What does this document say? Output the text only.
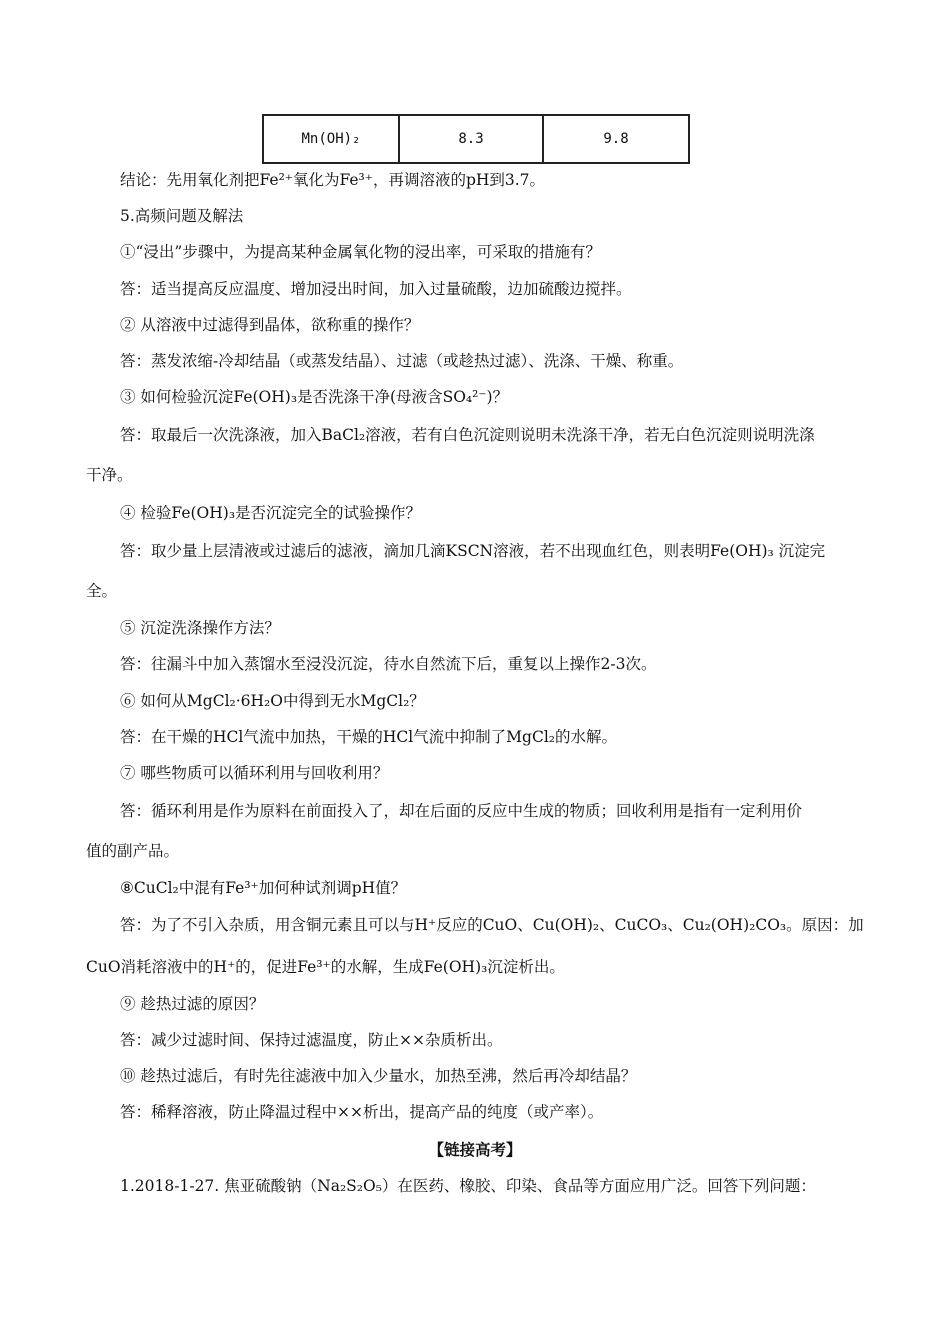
Mn(OH)₂	8.3	9.8
结论：先用氧化剂把Fe²⁺氧化为Fe³⁺，再调溶液的pH到3.7。
5.高频问题及解法
①“浸出”步骤中，为提高某种金属氧化物的浸出率，可采取的措施有？
答：适当提高反应温度、增加浸出时间，加入过量硫酸，边加硫酸边搅拌。
② 从溶液中过滤得到晶体，欲称重的操作？
答：蒸发浓缩-冷却结晶（或蒸发结晶）、过滤（或趁热过滤）、洗涤、干燥、称重。
③ 如何检验沉淀Fe(OH)₃是否洗涤干净(母液含SO₄²⁻)？
答：取最后一次洗涤液，加入BaCl₂溶液，若有白色沉淀则说明未洗涤干净，若无白色沉淀则说明洗涤
干净。
④ 检验Fe(OH)₃是否沉淀完全的试验操作？
答：取少量上层清液或过滤后的滤液，滴加几滴KSCN溶液，若不出现血红色，则表明Fe(OH)₃ 沉淀完
全。
⑤ 沉淀洗涤操作方法？
答：往漏斗中加入蒸馏水至浸没沉淀，待水自然流下后，重复以上操作2-3次。
⑥ 如何从MgCl₂·6H₂O中得到无水MgCl₂？
答：在干燥的HCl气流中加热，干燥的HCl气流中抑制了MgCl₂的水解。
⑦ 哪些物质可以循环利用与回收利用？
答：循环利用是作为原料在前面投入了，却在后面的反应中生成的物质；回收利用是指有一定利用价
值的副产品。
⑧CuCl₂中混有Fe³⁺加何种试剂调pH值？
答：为了不引入杂质，用含铜元素且可以与H⁺反应的CuO、Cu(OH)₂、CuCO₃、Cu₂(OH)₂CO₃。原因：加
CuO消耗溶液中的H⁺的，促进Fe³⁺的水解，生成Fe(OH)₃沉淀析出。
⑨ 趁热过滤的原因？
答：减少过滤时间、保持过滤温度，防止××杂质析出。
⑩ 趁热过滤后，有时先往滤液中加入少量水，加热至沸，然后再冷却结晶？
答：稀释溶液，防止降温过程中××析出，提高产品的纯度（或产率）。
【链接高考】
1.2018-1-27. 焦亚硫酸钠（Na₂S₂O₅）在医药、橡胶、印染、食品等方面应用广泛。回答下列问题：
